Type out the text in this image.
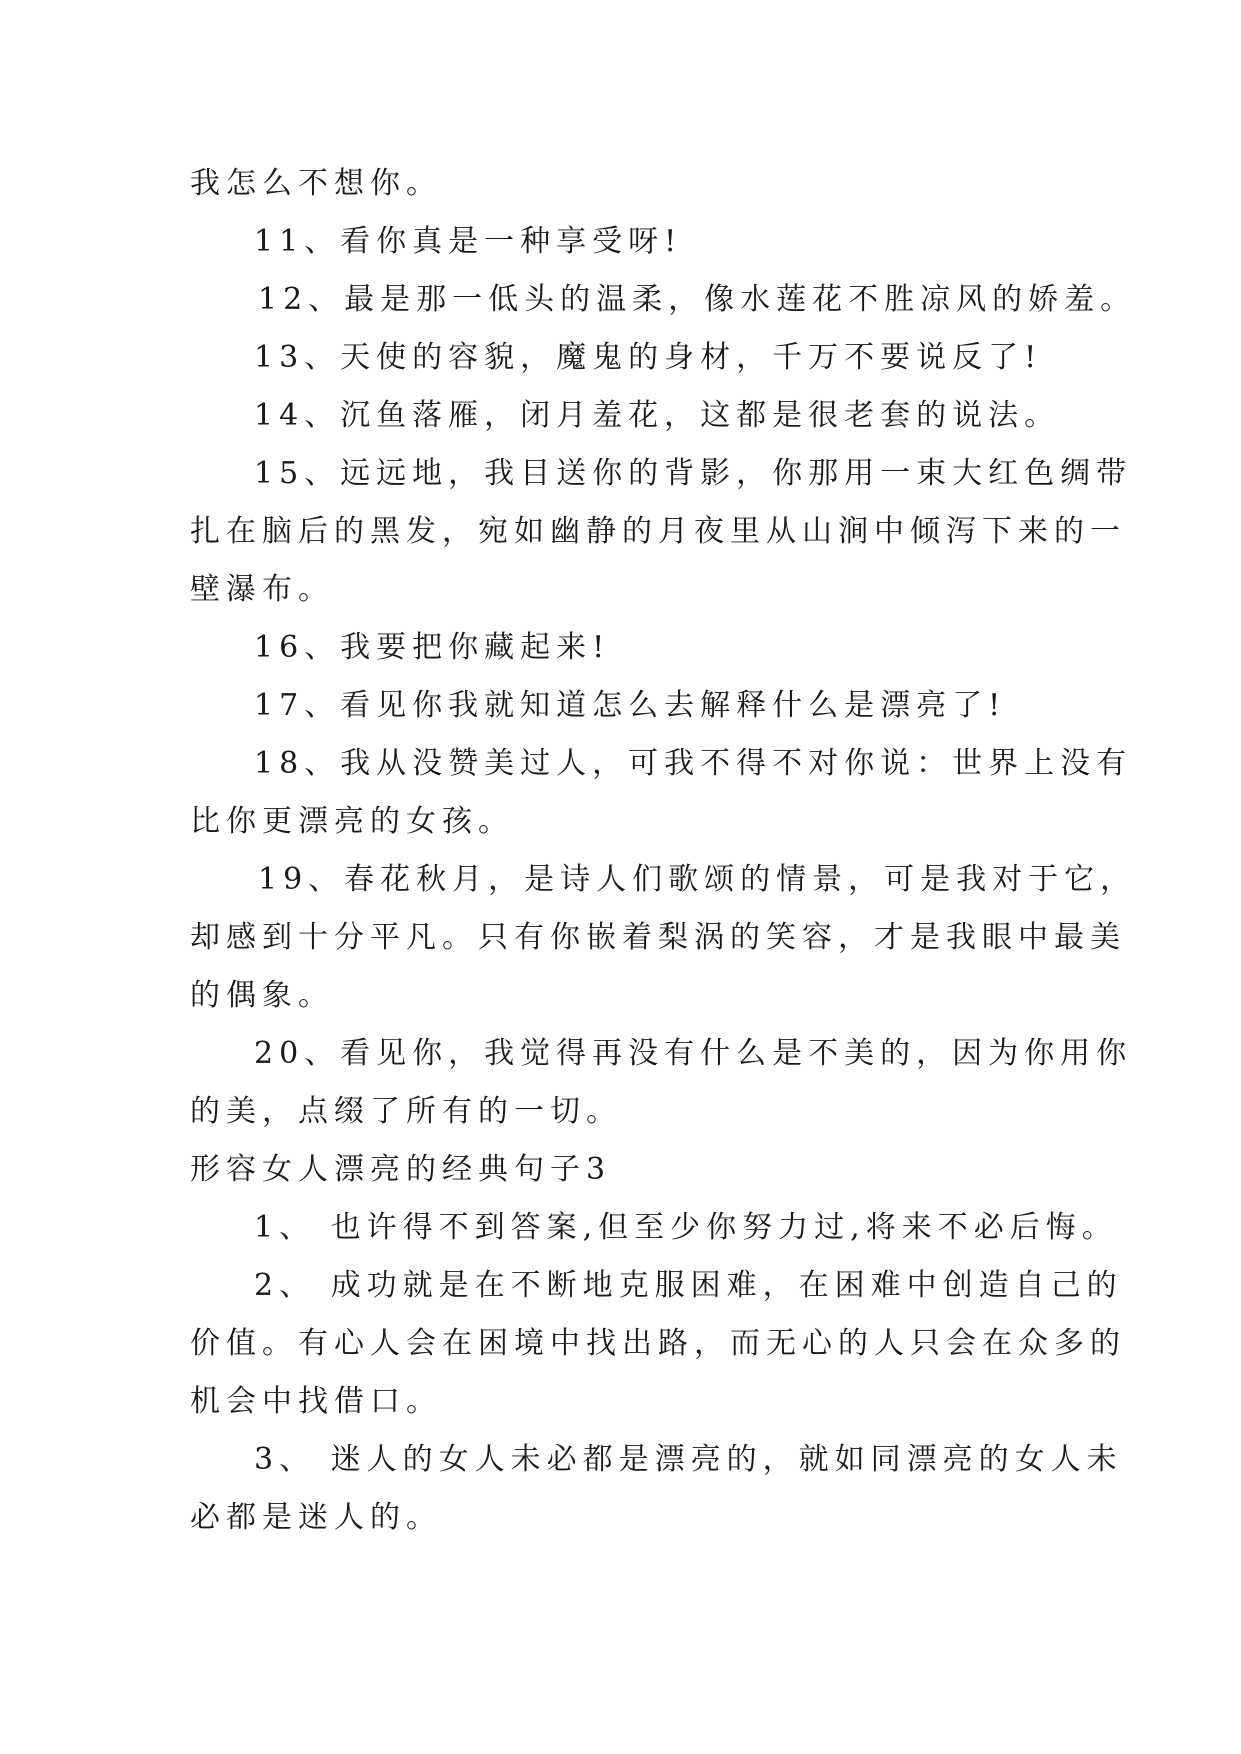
我怎么不想你。
11、看你真是一种享受呀!
12、最是那一低头的温柔，像水莲花不胜凉风的娇羞。
13、天使的容貌，魔鬼的身材，千万不要说反了!
14、沉鱼落雁，闭月羞花，这都是很老套的说法。
15、远远地，我目送你的背影，你那用一束大红色绸带
扎在脑后的黑发，宛如幽静的月夜里从山涧中倾泻下来的一
壁瀑布。
16、我要把你藏起来!
17、看见你我就知道怎么去解释什么是漂亮了!
18、我从没赞美过人，可我不得不对你说：世界上没有
比你更漂亮的女孩。
19、春花秋月，是诗人们歌颂的情景，可是我对于它，
却感到十分平凡。只有你嵌着梨涡的笑容，才是我眼中最美
的偶象。
20、看见你，我觉得再没有什么是不美的，因为你用你
的美，点缀了所有的一切。
形容女人漂亮的经典句子3
1、 也许得不到答案,但至少你努力过,将来不必后悔。
2、 成功就是在不断地克服困难，在困难中创造自己的
价值。有心人会在困境中找出路，而无心的人只会在众多的
机会中找借口。
3、 迷人的女人未必都是漂亮的，就如同漂亮的女人未
必都是迷人的。
